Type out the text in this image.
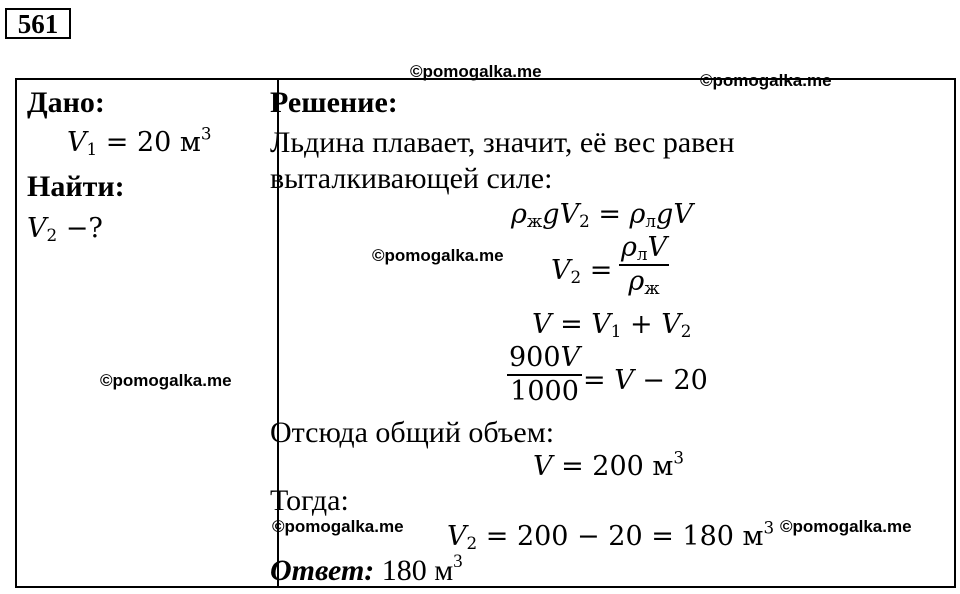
561
Дано:
$V_1 = 20$ $м^3$
Найти:
$V_2$ −?
Решение:
Льдина плавает, значит, её вес равен
выталкивающей силе:
$\rho_жgV_2 = \rho_лgV$
$V_2$ =
$\rho_лV$
$\rho_ж$
$V = V_1 + V_2$
900V
1000 = V − 20
Отсюда общий объем:
V = 200 $м^3$
Тогда:
$V_2 = 200 - 20 = 180$ $м^3$
Ответ: 180 $м^3$
©pomogalka.me	©pomogalka.me
©pomogalka.me
©pomogalka.me
©pomogalka.me	©pomogalka.me
